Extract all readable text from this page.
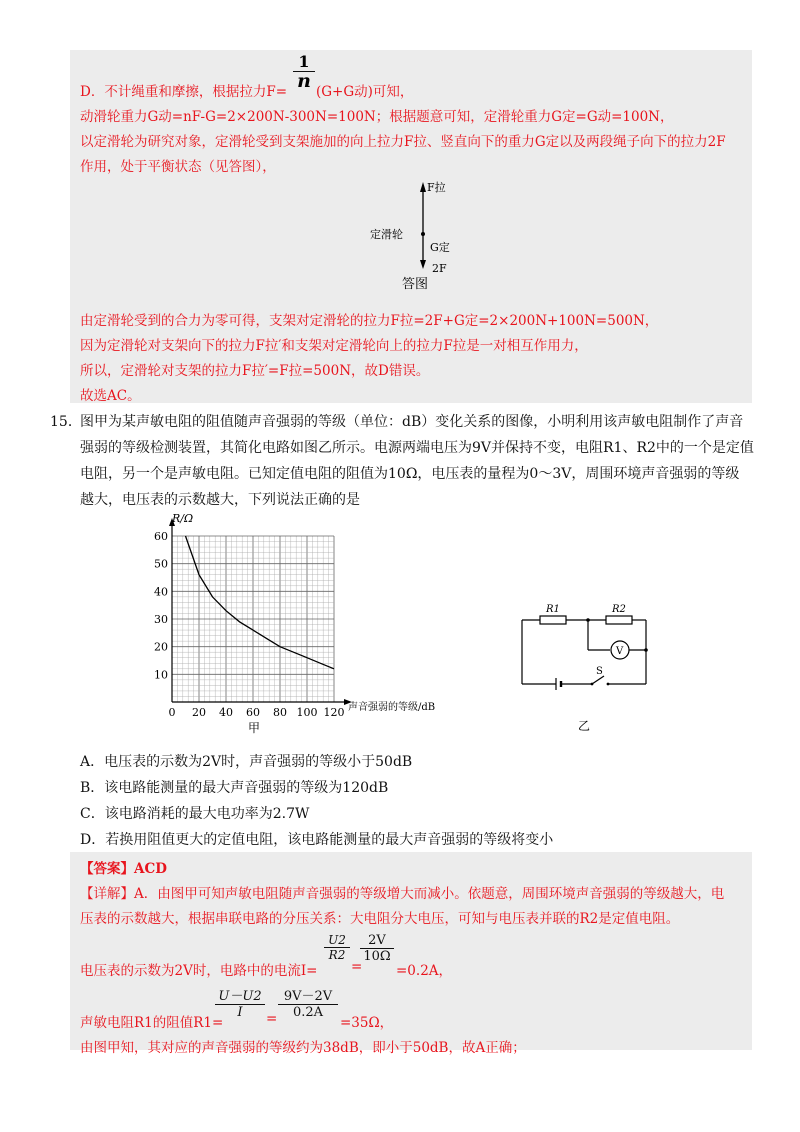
1
n
D．不计绳重和摩擦，根据拉力F= (G+G动)可知，
动滑轮重力G动=nF-G=2×200N-300N=100N；根据题意可知，定滑轮重力G定=G动=100N，
以定滑轮为研究对象，定滑轮受到支架施加的向上拉力F拉、竖直向下的重力G定以及两段绳子向下的拉力2F
作用，处于平衡状态（见答图），
F拉
定滑轮
G定
2F
答图
由定滑轮受到的合力为零可得，支架对定滑轮的拉力F拉=2F+G定=2×200N+100N=500N，
因为定滑轮对支架向下的拉力F拉′和支架对定滑轮向上的拉力F拉是一对相互作用力，
所以，定滑轮对支架的拉力F拉′=F拉=500N，故D错误。
故选AC。
15．
图甲为某声敏电阻的阻值随声音强弱的等级（单位：dB）变化关系的图像，小明利用该声敏电阻制作了声音
强弱的等级检测装置，其简化电路如图乙所示。电源两端电压为9V并保持不变，电阻R1、R2中的一个是定值
电阻，另一个是声敏电阻。已知定值电阻的阻值为10Ω，电压表的量程为0～3V，周围环境声音强弱的等级
越大，电压表的示数越大，下列说法正确的是
0 20 40 60 80 100 120
10
20
30
40
50
60
R/Ω
声音强弱的等级/dB
甲
R1	R2
V
S
乙
A．电压表的示数为2V时，声音强弱的等级小于50dB
B．该电路能测量的最大声音强弱的等级为120dB
C．该电路消耗的最大电功率为2.7W
D．若换用阻值更大的定值电阻，该电路能测量的最大声音强弱的等级将变小
【答案】ACD
【详解】A．由图甲可知声敏电阻随声音强弱的等级增大而减小。依题意，周围环境声音强弱的等级越大，电
压表的示数越大，根据串联电路的分压关系：大电阻分大电压，可知与电压表并联的R2是定值电阻。
电压表的示数为2V时，电路中的电流I=
U2
R2
=
2V
10Ω
=0.2A，
声敏电阻R1的阻值R1=
U－U2
I	=
9V－2V
0.2A
=35Ω，
由图甲知，其对应的声音强弱的等级约为38dB，即小于50dB，故A正确；
